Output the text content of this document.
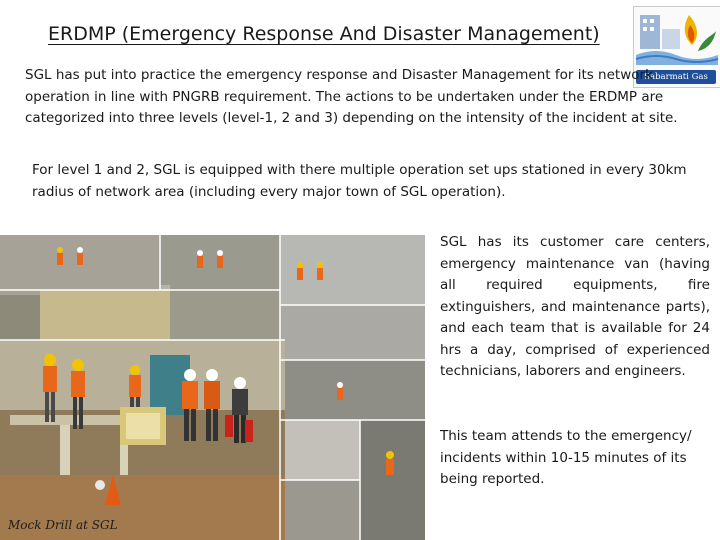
ERDMP (Emergency Response And Disaster Management)
Sabarmati Gas
SGL has put into practice the emergency response and Disaster Management for its network operation in line with PNGRB requirement. The actions to be undertaken under the ERDMP are categorized into three levels (level-1, 2 and 3) depending on the intensity of the incident at site.
For level 1 and 2, SGL is equipped with there multiple operation set ups stationed in every 30km radius of network area (including every major town of SGL operation).
Mock Drill at SGL
SGL has its customer care centers, emergency maintenance van (having all required equipments, fire extinguishers, and maintenance parts), and each team that is available for 24 hrs a day, comprised of experienced technicians, laborers and engineers.
This team attends to the emergency/ incidents within 10-15 minutes of its being reported.
